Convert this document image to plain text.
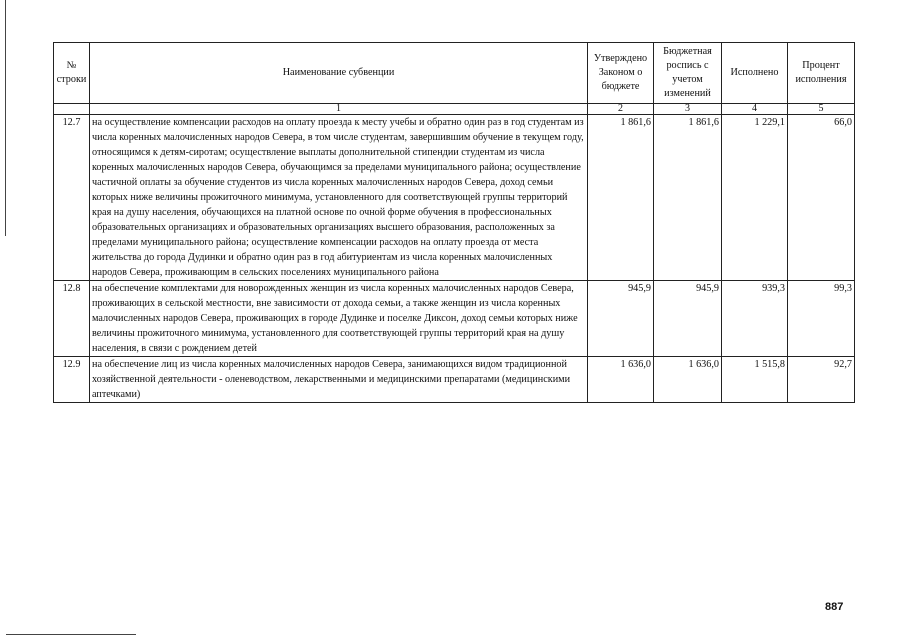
№ строки	Наименование субвенции	Утверждено Законом о бюджете	Бюджетная роспись с учетом изменений	Исполнено	Процент исполнения
	1	2	3	4	5
12.7	на осуществление компенсации расходов на оплату проезда к месту учебы и обратно один раз в год студентам из числа коренных малочисленных народов Севера, в том числе студентам, завершившим обучение в текущем году, относящимся к детям-сиротам; осуществление выплаты дополнительной стипендии студентам из числа коренных малочисленных народов Севера, обучающимся за пределами муниципального района; осуществление частичной оплаты за обучение студентов из числа коренных малочисленных народов Севера, доход семьи которых ниже величины прожиточного минимума, установленного для соответствующей группы территорий края на душу населения, обучающихся на платной основе по очной форме обучения в профессиональных образовательных организациях и образовательных организациях высшего образования, расположенных за пределами муниципального района; осуществление компенсации расходов на оплату проезда от места жительства до города Дудинки и обратно один раз в год абитуриентам из числа коренных малочисленных народов Севера, проживающим в сельских поселениях муниципального района	1 861,6	1 861,6	1 229,1	66,0
12.8	на обеспечение комплектами для новорожденных женщин из числа коренных малочисленных народов Севера, проживающих в сельской местности, вне зависимости от дохода семьи, а также женщин из числа коренных малочисленных народов Севера, проживающих в городе Дудинке и поселке Диксон, доход семьи которых ниже величины прожиточного минимума, установленного для соответствующей группы территорий края на душу населения, в связи с рождением детей	945,9	945,9	939,3	99,3
12.9	на обеспечение лиц из числа коренных малочисленных народов Севера, занимающихся видом традиционной хозяйственной деятельности - оленеводством, лекарственными и медицинскими препаратами (медицинскими аптечками)	1 636,0	1 636,0	1 515,8	92,7
887
